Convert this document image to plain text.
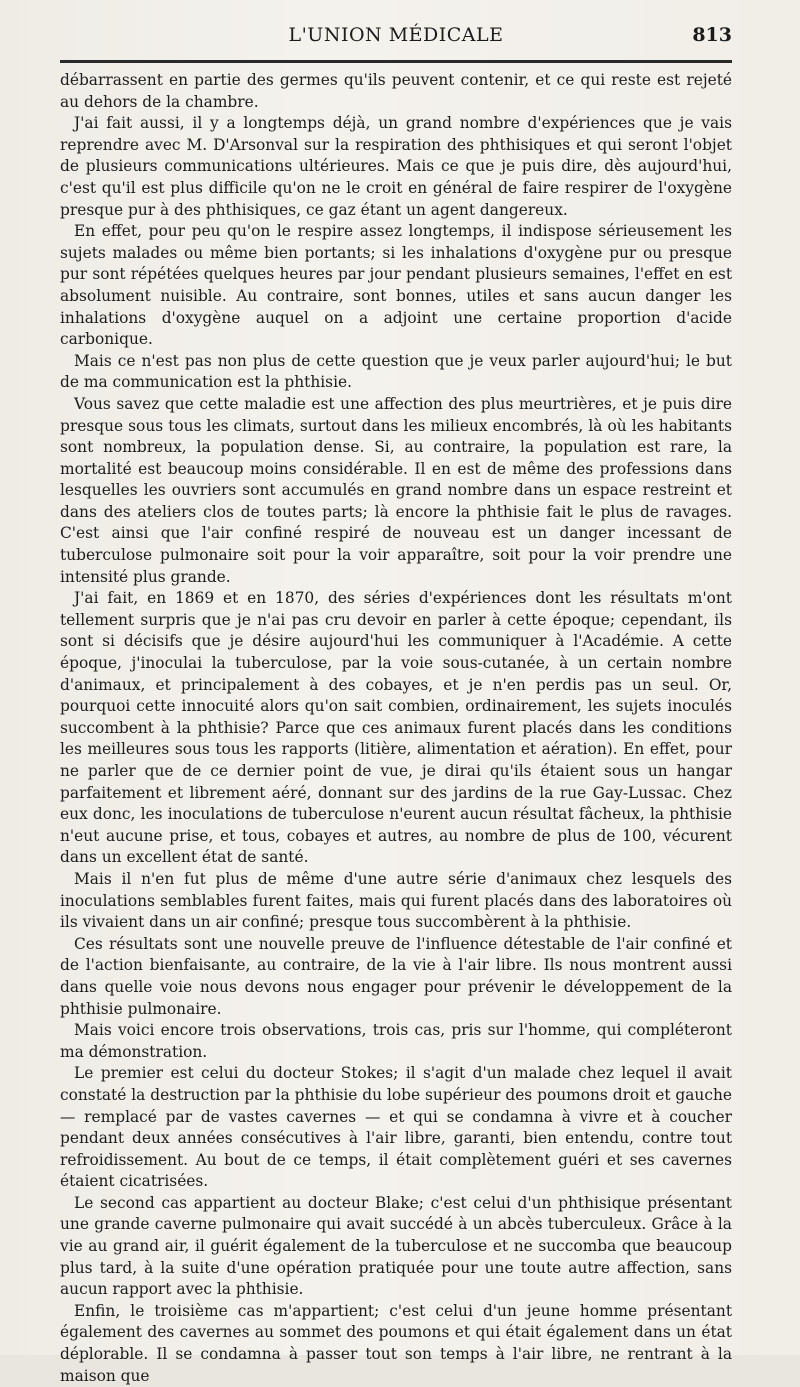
L'UNION MÉDICALE	813

débarrassent en partie des germes qu'ils peuvent contenir, et ce qui reste est rejeté au dehors de la chambre.

J'ai fait aussi, il y a longtemps déjà, un grand nombre d'expériences que je vais reprendre avec M. D'Arsonval sur la respiration des phthisiques et qui seront l'objet de plusieurs communications ultérieures. Mais ce que je puis dire, dès aujourd'hui, c'est qu'il est plus difficile qu'on ne le croit en général de faire respirer de l'oxygène presque pur à des phthisiques, ce gaz étant un agent dangereux.

En effet, pour peu qu'on le respire assez longtemps, il indispose sérieusement les sujets malades ou même bien portants; si les inhalations d'oxygène pur ou presque pur sont répétées quelques heures par jour pendant plusieurs semaines, l'effet en est absolument nuisible. Au contraire, sont bonnes, utiles et sans aucun danger les inhalations d'oxygène auquel on a adjoint une certaine proportion d'acide carbonique.

Mais ce n'est pas non plus de cette question que je veux parler aujourd'hui; le but de ma communication est la phthisie.

Vous savez que cette maladie est une affection des plus meurtrières, et je puis dire presque sous tous les climats, surtout dans les milieux encombrés, là où les habitants sont nombreux, la population dense. Si, au contraire, la population est rare, la mortalité est beaucoup moins considérable. Il en est de même des professions dans lesquelles les ouvriers sont accumulés en grand nombre dans un espace restreint et dans des ateliers clos de toutes parts; là encore la phthisie fait le plus de ravages. C'est ainsi que l'air confiné respiré de nouveau est un danger incessant de tuberculose pulmonaire soit pour la voir apparaître, soit pour la voir prendre une intensité plus grande.

J'ai fait, en 1869 et en 1870, des séries d'expériences dont les résultats m'ont tellement surpris que je n'ai pas cru devoir en parler à cette époque; cependant, ils sont si décisifs que je désire aujourd'hui les communiquer à l'Académie. A cette époque, j'inoculai la tuberculose, par la voie sous-cutanée, à un certain nombre d'animaux, et principalement à des cobayes, et je n'en perdis pas un seul. Or, pourquoi cette innocuité alors qu'on sait combien, ordinairement, les sujets inoculés succombent à la phthisie? Parce que ces animaux furent placés dans les conditions les meilleures sous tous les rapports (litière, alimentation et aération). En effet, pour ne parler que de ce dernier point de vue, je dirai qu'ils étaient sous un hangar parfaitement et librement aéré, donnant sur des jardins de la rue Gay-Lussac. Chez eux donc, les inoculations de tuberculose n'eurent aucun résultat fâcheux, la phthisie n'eut aucune prise, et tous, cobayes et autres, au nombre de plus de 100, vécurent dans un excellent état de santé.

Mais il n'en fut plus de même d'une autre série d'animaux chez lesquels des inoculations semblables furent faites, mais qui furent placés dans des laboratoires où ils vivaient dans un air confiné; presque tous succombèrent à la phthisie.

Ces résultats sont une nouvelle preuve de l'influence détestable de l'air confiné et de l'action bienfaisante, au contraire, de la vie à l'air libre. Ils nous montrent aussi dans quelle voie nous devons nous engager pour prévenir le développement de la phthisie pulmonaire.

Mais voici encore trois observations, trois cas, pris sur l'homme, qui compléteront ma démonstration.

Le premier est celui du docteur Stokes; il s'agit d'un malade chez lequel il avait constaté la destruction par la phthisie du lobe supérieur des poumons droit et gauche — remplacé par de vastes cavernes — et qui se condamna à vivre et à coucher pendant deux années consécutives à l'air libre, garanti, bien entendu, contre tout refroidissement. Au bout de ce temps, il était complètement guéri et ses cavernes étaient cicatrisées.

Le second cas appartient au docteur Blake; c'est celui d'un phthisique présentant une grande caverne pulmonaire qui avait succédé à un abcès tuberculeux. Grâce à la vie au grand air, il guérit également de la tuberculose et ne succomba que beaucoup plus tard, à la suite d'une opération pratiquée pour une toute autre affection, sans aucun rapport avec la phthisie.

Enfin, le troisième cas m'appartient; c'est celui d'un jeune homme présentant également des cavernes au sommet des poumons et qui était également dans un état déplorable. Il se condamna à passer tout son temps à l'air libre, ne rentrant à la maison que
